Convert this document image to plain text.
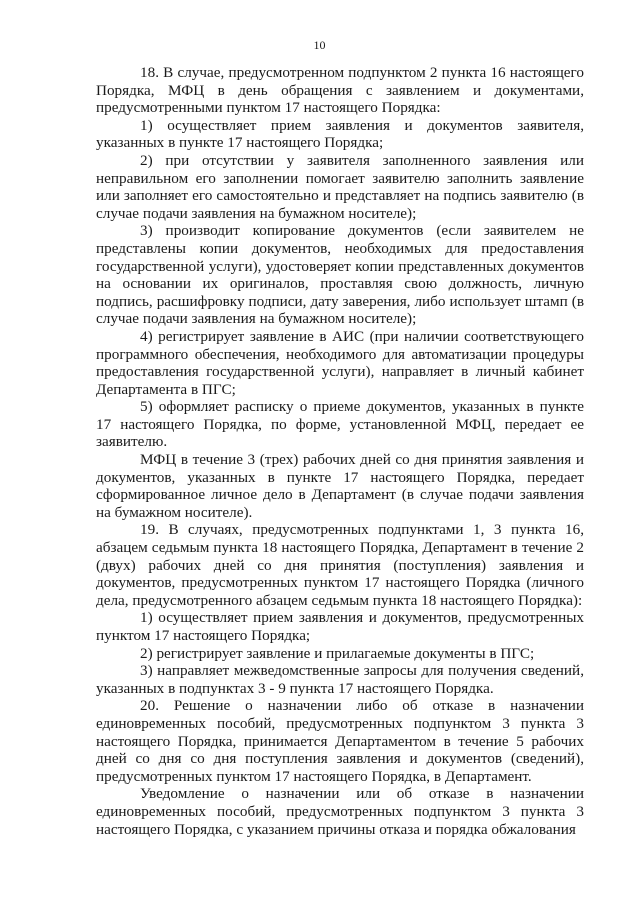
10

18. В случае, предусмотренном подпунктом 2 пункта 16 настоящего Порядка, МФЦ в день обращения с заявлением и документами, предусмотренными пунктом 17 настоящего Порядка:

1) осуществляет прием заявления и документов заявителя, указанных в пункте 17 настоящего Порядка;

2) при отсутствии у заявителя заполненного заявления или неправильном его заполнении помогает заявителю заполнить заявление или заполняет его самостоятельно и представляет на подпись заявителю (в случае подачи заявления на бумажном носителе);

3) производит копирование документов (если заявителем не представлены копии документов, необходимых для предоставления государственной услуги), удостоверяет копии представленных документов на основании их оригиналов, проставляя свою должность, личную подпись, расшифровку подписи, дату заверения, либо использует штамп (в случае подачи заявления на бумажном носителе);

4) регистрирует заявление в АИС (при наличии соответствующего программного обеспечения, необходимого для автоматизации процедуры предоставления государственной услуги), направляет в личный кабинет Департамента в ПГС;

5) оформляет расписку о приеме документов, указанных в пункте 17 настоящего Порядка, по форме, установленной МФЦ, передает ее заявителю.

МФЦ в течение 3 (трех) рабочих дней со дня принятия заявления и документов, указанных в пункте 17 настоящего Порядка, передает сформированное личное дело в Департамент (в случае подачи заявления на бумажном носителе).

19. В случаях, предусмотренных подпунктами 1, 3 пункта 16, абзацем седьмым пункта 18 настоящего Порядка, Департамент в течение 2 (двух) рабочих дней со дня принятия (поступления) заявления и документов, предусмотренных пунктом 17 настоящего Порядка (личного дела, предусмотренного абзацем седьмым пункта 18 настоящего Порядка):

1) осуществляет прием заявления и документов, предусмотренных пунктом 17 настоящего Порядка;

2) регистрирует заявление и прилагаемые документы в ПГС;

3) направляет межведомственные запросы для получения сведений, указанных в подпунктах 3 - 9 пункта 17 настоящего Порядка.

20. Решение о назначении либо об отказе в назначении единовременных пособий, предусмотренных подпунктом 3 пункта 3 настоящего Порядка, принимается Департаментом в течение 5 рабочих дней со дня со дня поступления заявления и документов (сведений), предусмотренных пунктом 17 настоящего Порядка, в Департамент.

Уведомление о назначении или об отказе в назначении единовременных пособий, предусмотренных подпунктом 3 пункта 3 настоящего Порядка, с указанием причины отказа и порядка обжалования
